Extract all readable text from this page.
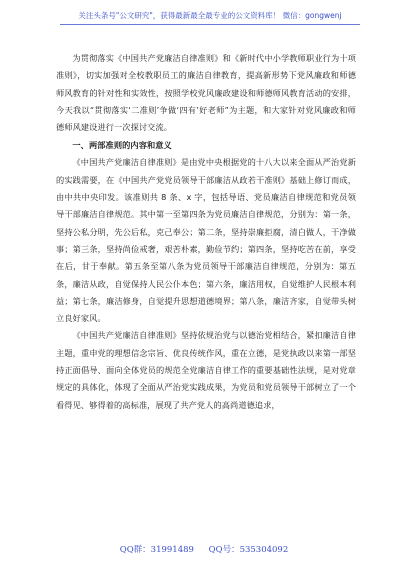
关注头条号"公文研究"，获得最新最全最专业的公文资料库！ 微信：gongwenj

为贯彻落实《中国共产党廉洁自律准则》和《新时代中小学教师职业行为十项准则》，切实加强对全校教职员工的廉洁自律教育，提高新形势下党风廉政和师德师风教育的针对性和实效性，按照学校党风廉政建设和师德师风教育活动的安排，今天我以“贯彻落实‘二准则’争做‘四有’好老师”为主题，和大家针对党风廉政和师德师风建设进行一次探讨交流。

一、两部准则的内容和意义

《中国共产党廉洁自律准则》是由党中央根据党的十八大以来全面从严治党新的实践需要，在《中国共产党党员领导干部廉洁从政若干准则》基础上修订而成，由中共中央印发。该准则共 8 条、x 字，包括导语、党员廉洁自律规范和党员领导干部廉洁自律规范。其中第一至第四条为党员廉洁自律规范，分别为：第一条，坚持公私分明，先公后私，克己奉公；第二条，坚持崇廉拒腐，清白做人，干净做事；第三条，坚持尚俭戒奢，艰苦朴素，勤俭节约；第四条，坚持吃苦在前，享受在后，甘于奉献。第五条至第八条为党员领导干部廉洁自律规范，分别为：第五条，廉洁从政，自觉保持人民公仆本色；第六条，廉洁用权，自觉维护人民根本利益；第七条，廉洁修身，自觉提升思想道德境界；第八条，廉洁齐家，自觉带头树立良好家风。

《中国共产党廉洁自律准则》坚持依规治党与以德治党相结合，紧扣廉洁自律主题，重申党的理想信念宗旨、优良传统作风，重在立德，是党执政以来第一部坚持正面倡导、面向全体党员的规范全党廉洁自律工作的重要基础性法规，是对党章规定的具体化，体现了全面从严治党实践成果，为党员和党员领导干部树立了一个看得见、够得着的高标准，展现了共产党人的高尚道德追求，

QQ群：31991489 QQ号：535304092
